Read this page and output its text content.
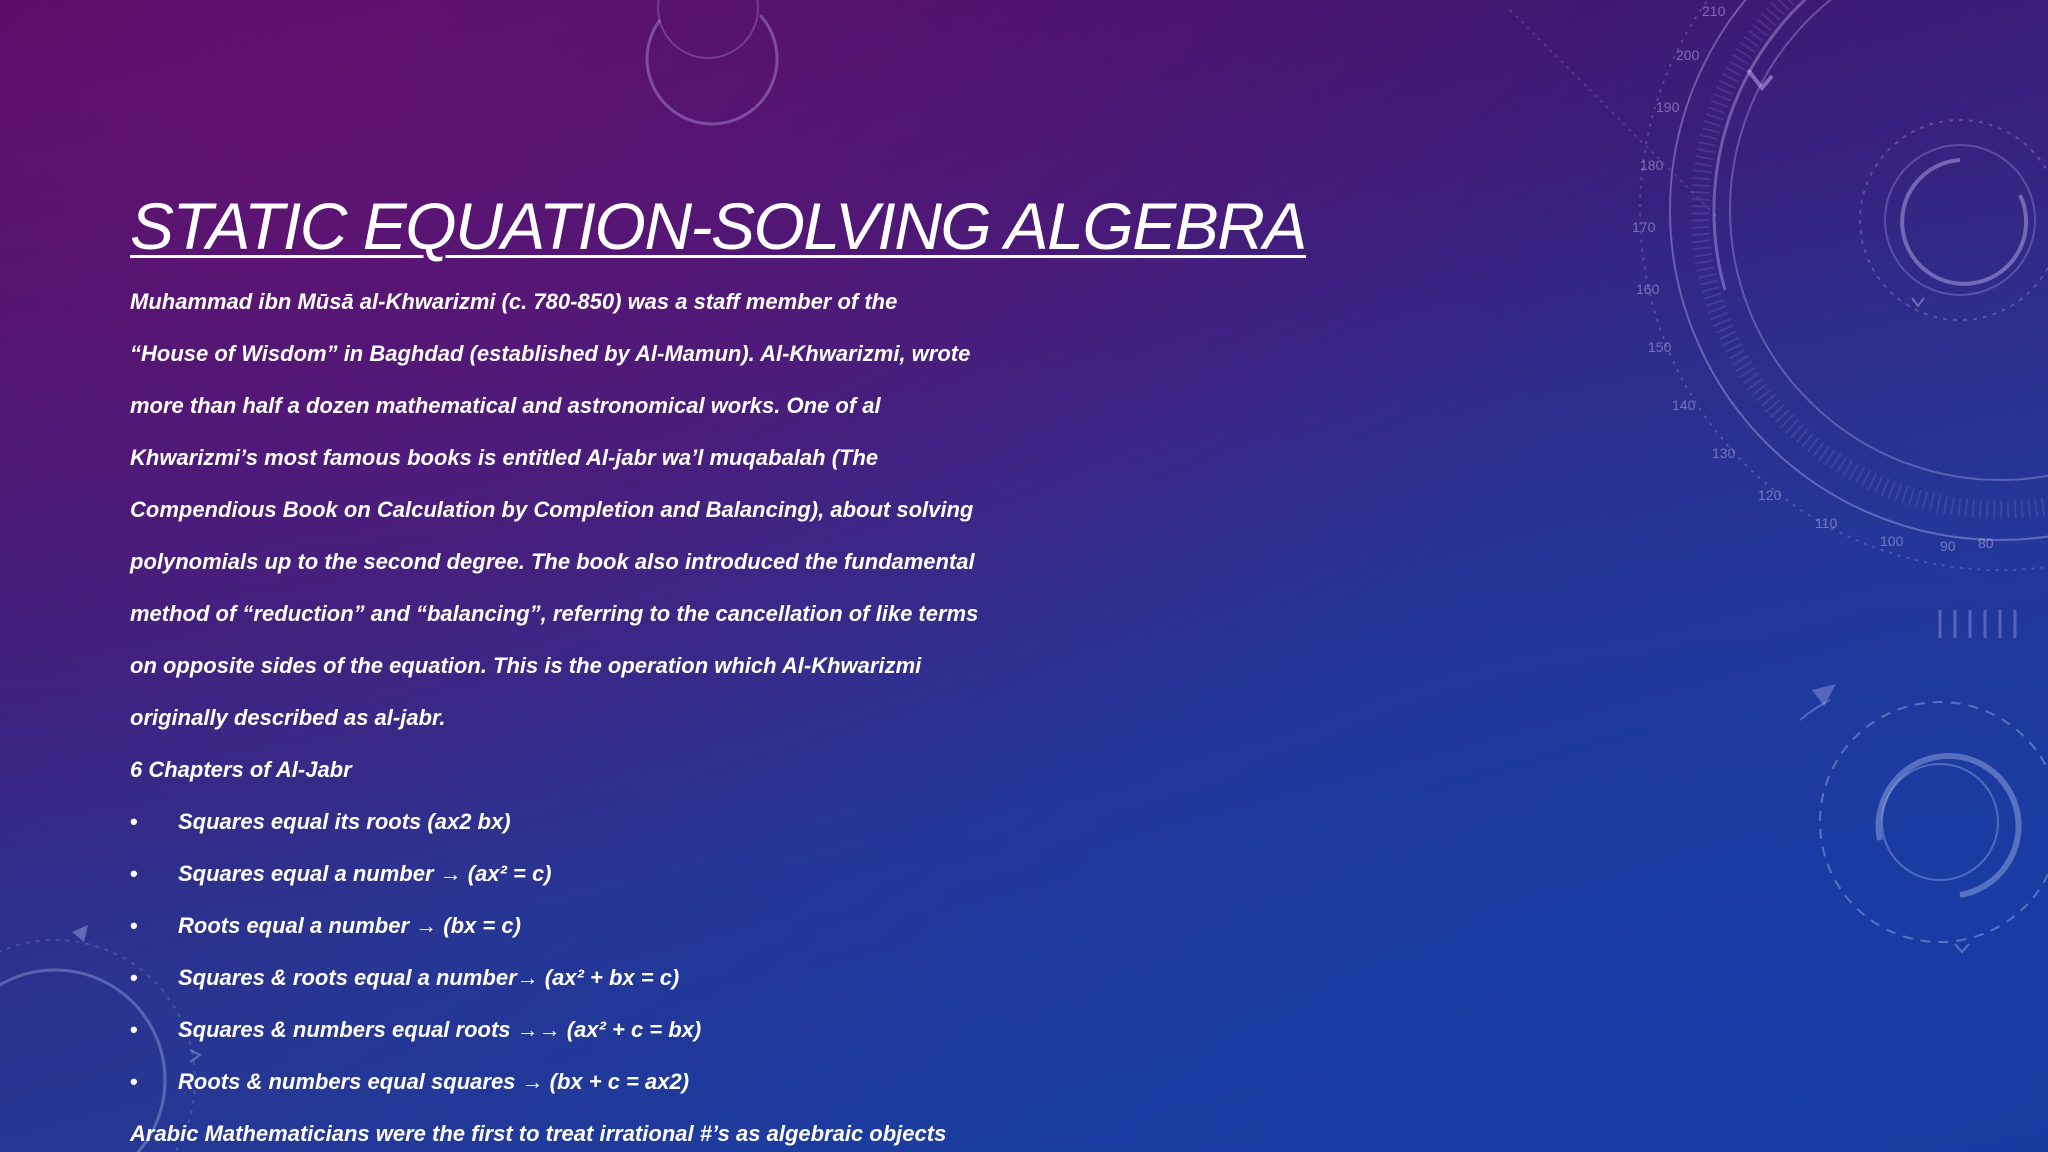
80
90
100
110
120
130
140
150
160
170
180
190
200
210
STATIC EQUATION-SOLVING ALGEBRA

Muhammad ibn Mūsā al-Khwarizmi (c. 780-850) was a staff member of the
“House of Wisdom” in Baghdad (established by Al-Mamun). Al-Khwarizmi, wrote
more than half a dozen mathematical and astronomical works. One of al
Khwarizmi’s most famous books is entitled Al-jabr wa’l muqabalah (The
Compendious Book on Calculation by Completion and Balancing), about solving
polynomials up to the second degree. The book also introduced the fundamental
method of “reduction” and “balancing”, referring to the cancellation of like terms
on opposite sides of the equation. This is the operation which Al-Khwarizmi
originally described as al-jabr.

6 Chapters of Al-Jabr

• Squares equal its roots (ax2 bx)
• Squares equal a number → (ax² = c)
• Roots equal a number → (bx = c)
• Squares & roots equal a number→ (ax² + bx = c)
• Squares & numbers equal roots →→ (ax² + c = bx)
• Roots & numbers equal squares → (bx + c = ax2)

Arabic Mathematicians were the first to treat irrational #’s as algebraic objects
